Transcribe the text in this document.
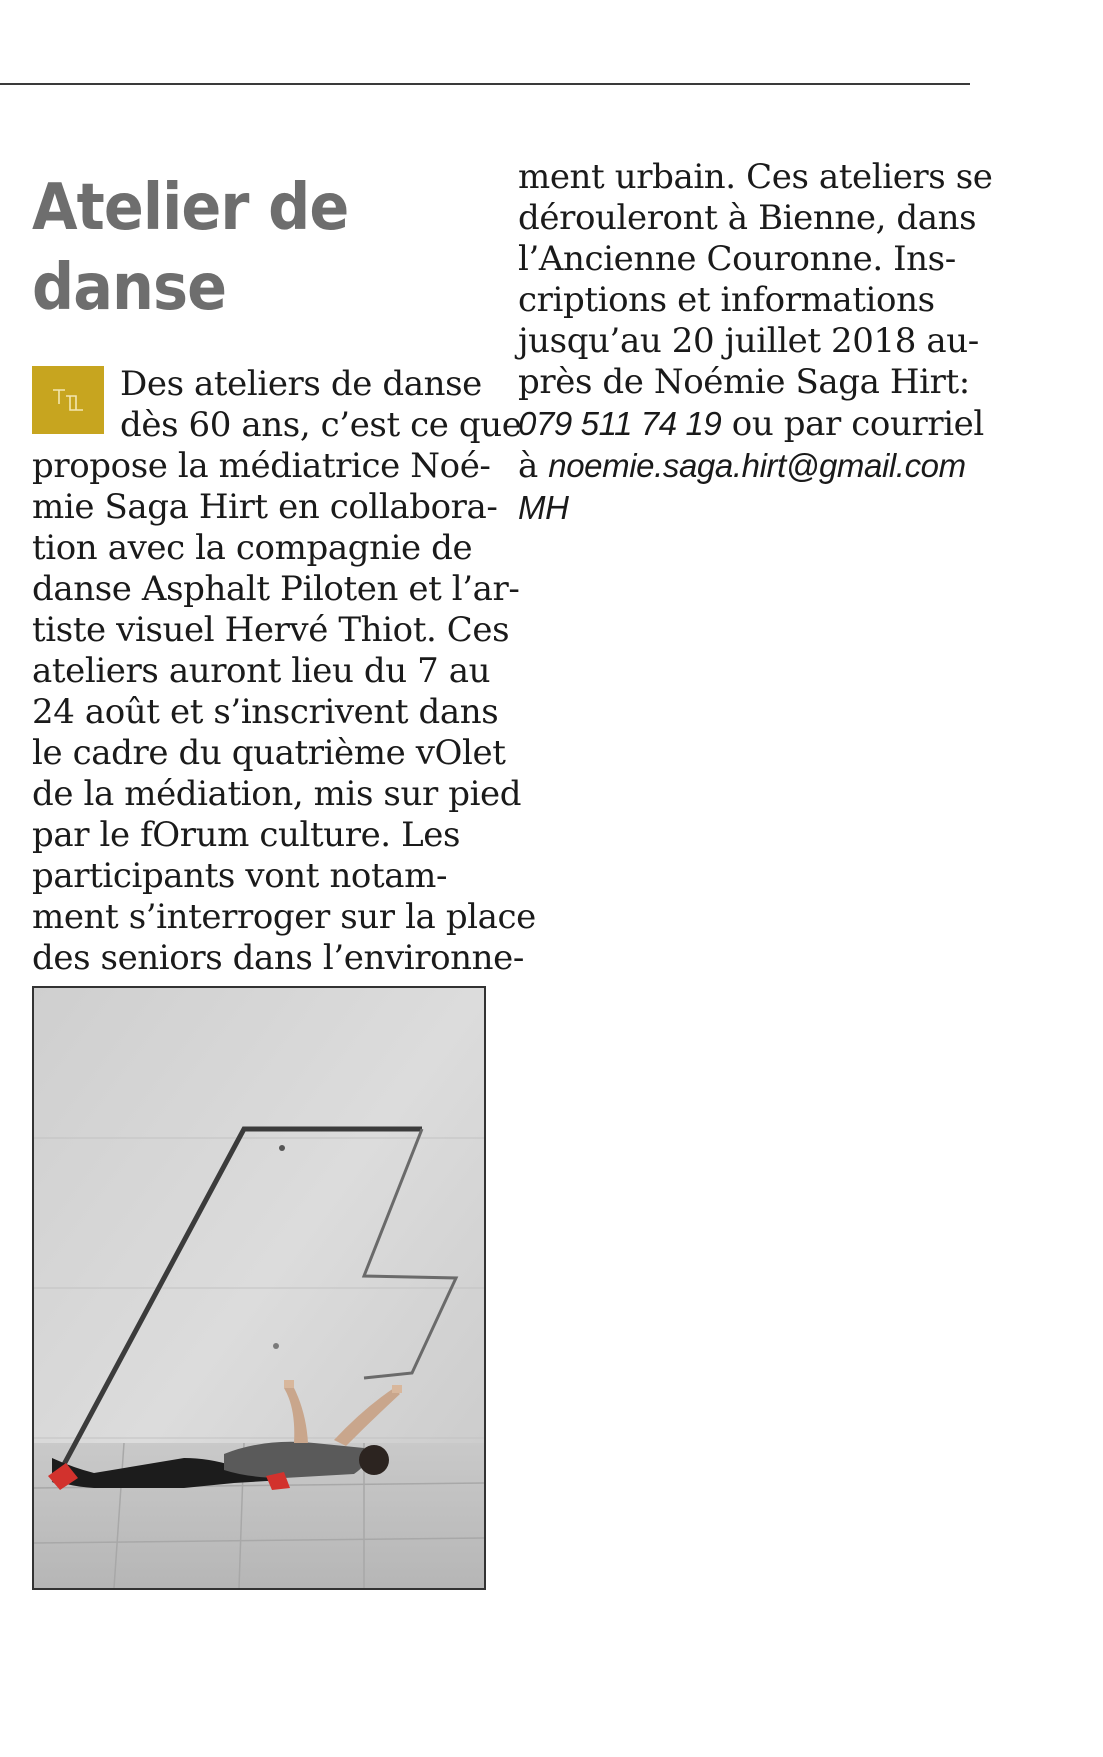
Atelier de
danse
Des ateliers de danse
dès 60 ans, c’est ce que
propose la médiatrice Noé-
mie Saga Hirt en collabora-
tion avec la compagnie de
danse Asphalt Piloten et l’ar-
tiste visuel Hervé Thiot. Ces
ateliers auront lieu du 7 au
24 août et s’inscrivent dans
le cadre du quatrième vOlet
de la médiation, mis sur pied
par le fOrum culture. Les
participants vont notam-
ment s’interroger sur la place
des seniors dans l’environne-
ment urbain. Ces ateliers se
dérouleront à Bienne, dans
l’Ancienne Couronne. Ins-
criptions et informations
jusqu’au 20 juillet 2018 au-
près de Noémie Saga Hirt:
079 511 74 19 ou par courriel
à noemie.saga.hirt@gmail.com
MH
